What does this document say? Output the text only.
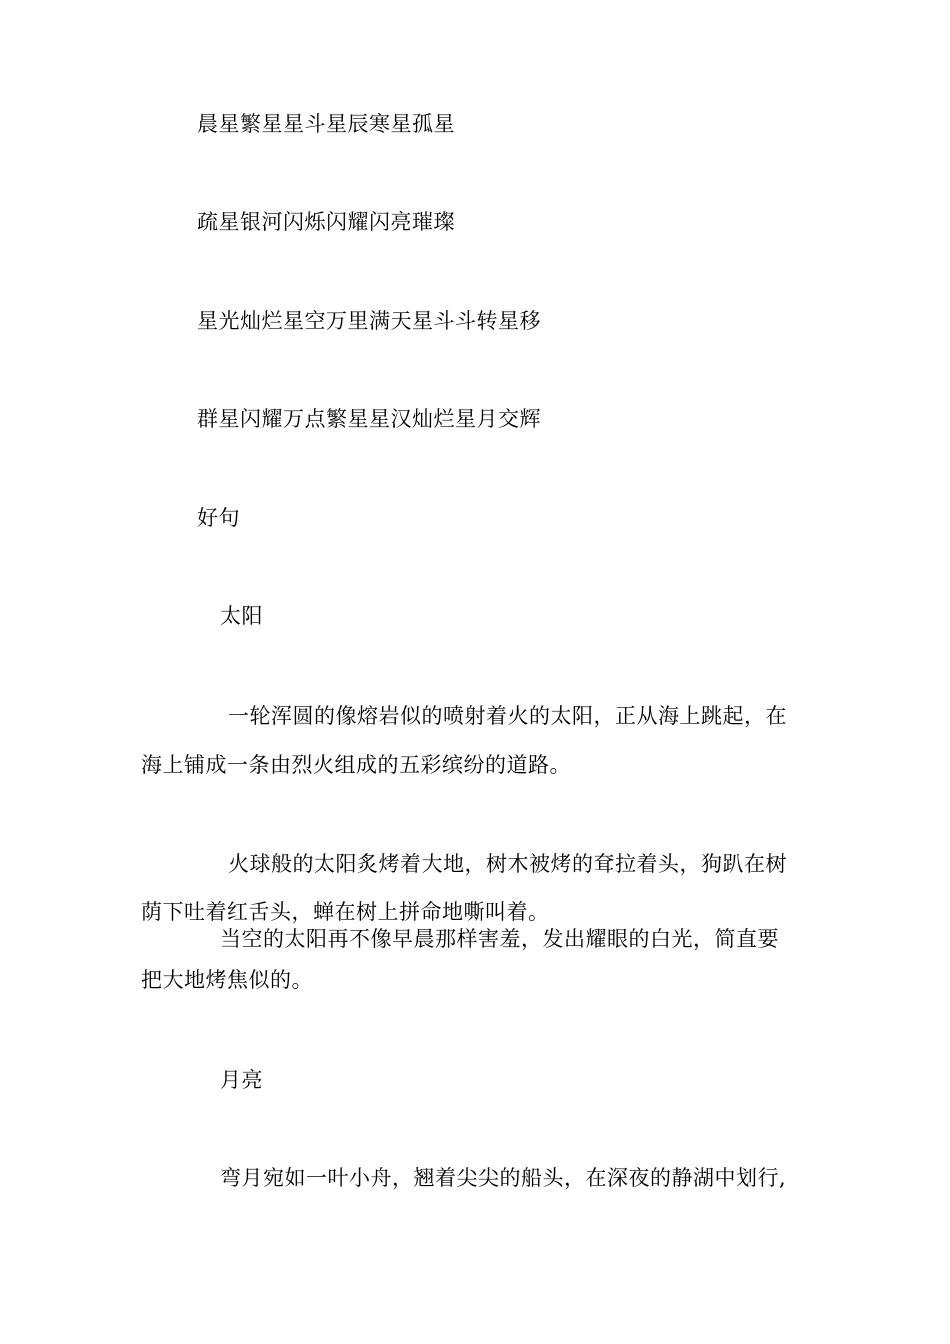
晨星繁星星斗星辰寒星孤星
疏星银河闪烁闪耀闪亮璀璨
星光灿烂星空万里满天星斗斗转星移
群星闪耀万点繁星星汉灿烂星月交辉
好句
太阳
一轮浑圆的像熔岩似的喷射着火的太阳，正从海上跳起，在
海上铺成一条由烈火组成的五彩缤纷的道路。
火球般的太阳炙烤着大地，树木被烤的耷拉着头，狗趴在树
荫下吐着红舌头，蝉在树上拼命地嘶叫着。
当空的太阳再不像早晨那样害羞，发出耀眼的白光，简直要
把大地烤焦似的。
月亮
弯月宛如一叶小舟，翘着尖尖的船头，在深夜的静湖中划行,
